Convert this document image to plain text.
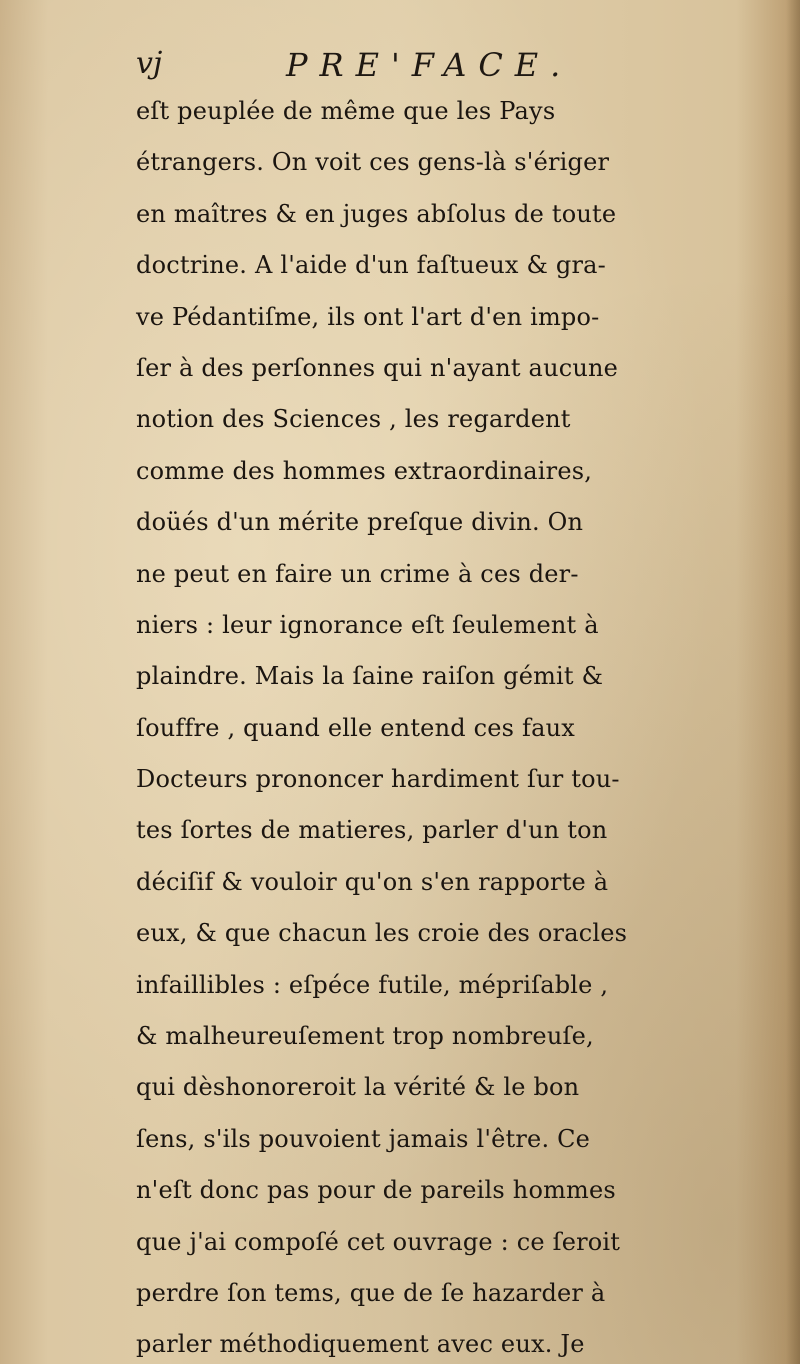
vj	PRE'FACE.
eſt peuplée de même que les Pays
étrangers. On voit ces gens-là s'ériger
en maîtres & en juges abſolus de toute
doctrine. A l'aide d'un faſtueux & gra-
ve Pédantiſme, ils ont l'art d'en impo-
ſer à des perſonnes qui n'ayant aucune
notion des Sciences , les regardent
comme des hommes extraordinaires,
doüés d'un mérite preſque divin. On
ne peut en faire un crime à ces der-
niers : leur ignorance eſt ſeulement à
plaindre. Mais la ſaine raiſon gémit &
ſouffre , quand elle entend ces faux
Docteurs prononcer hardiment ſur tou-
tes ſortes de matieres, parler d'un ton
déciſif & vouloir qu'on s'en rapporte à
eux, & que chacun les croie des oracles
infaillibles : eſpéce futile, mépriſable ,
& malheureuſement trop nombreuſe,
qui dèshonoreroit la vérité & le bon
ſens, s'ils pouvoient jamais l'être. Ce
n'eſt donc pas pour de pareils hommes
que j'ai compoſé cet ouvrage : ce ſeroit
perdre ſon tems, que de ſe hazarder à
parler méthodiquement avec eux. Je
